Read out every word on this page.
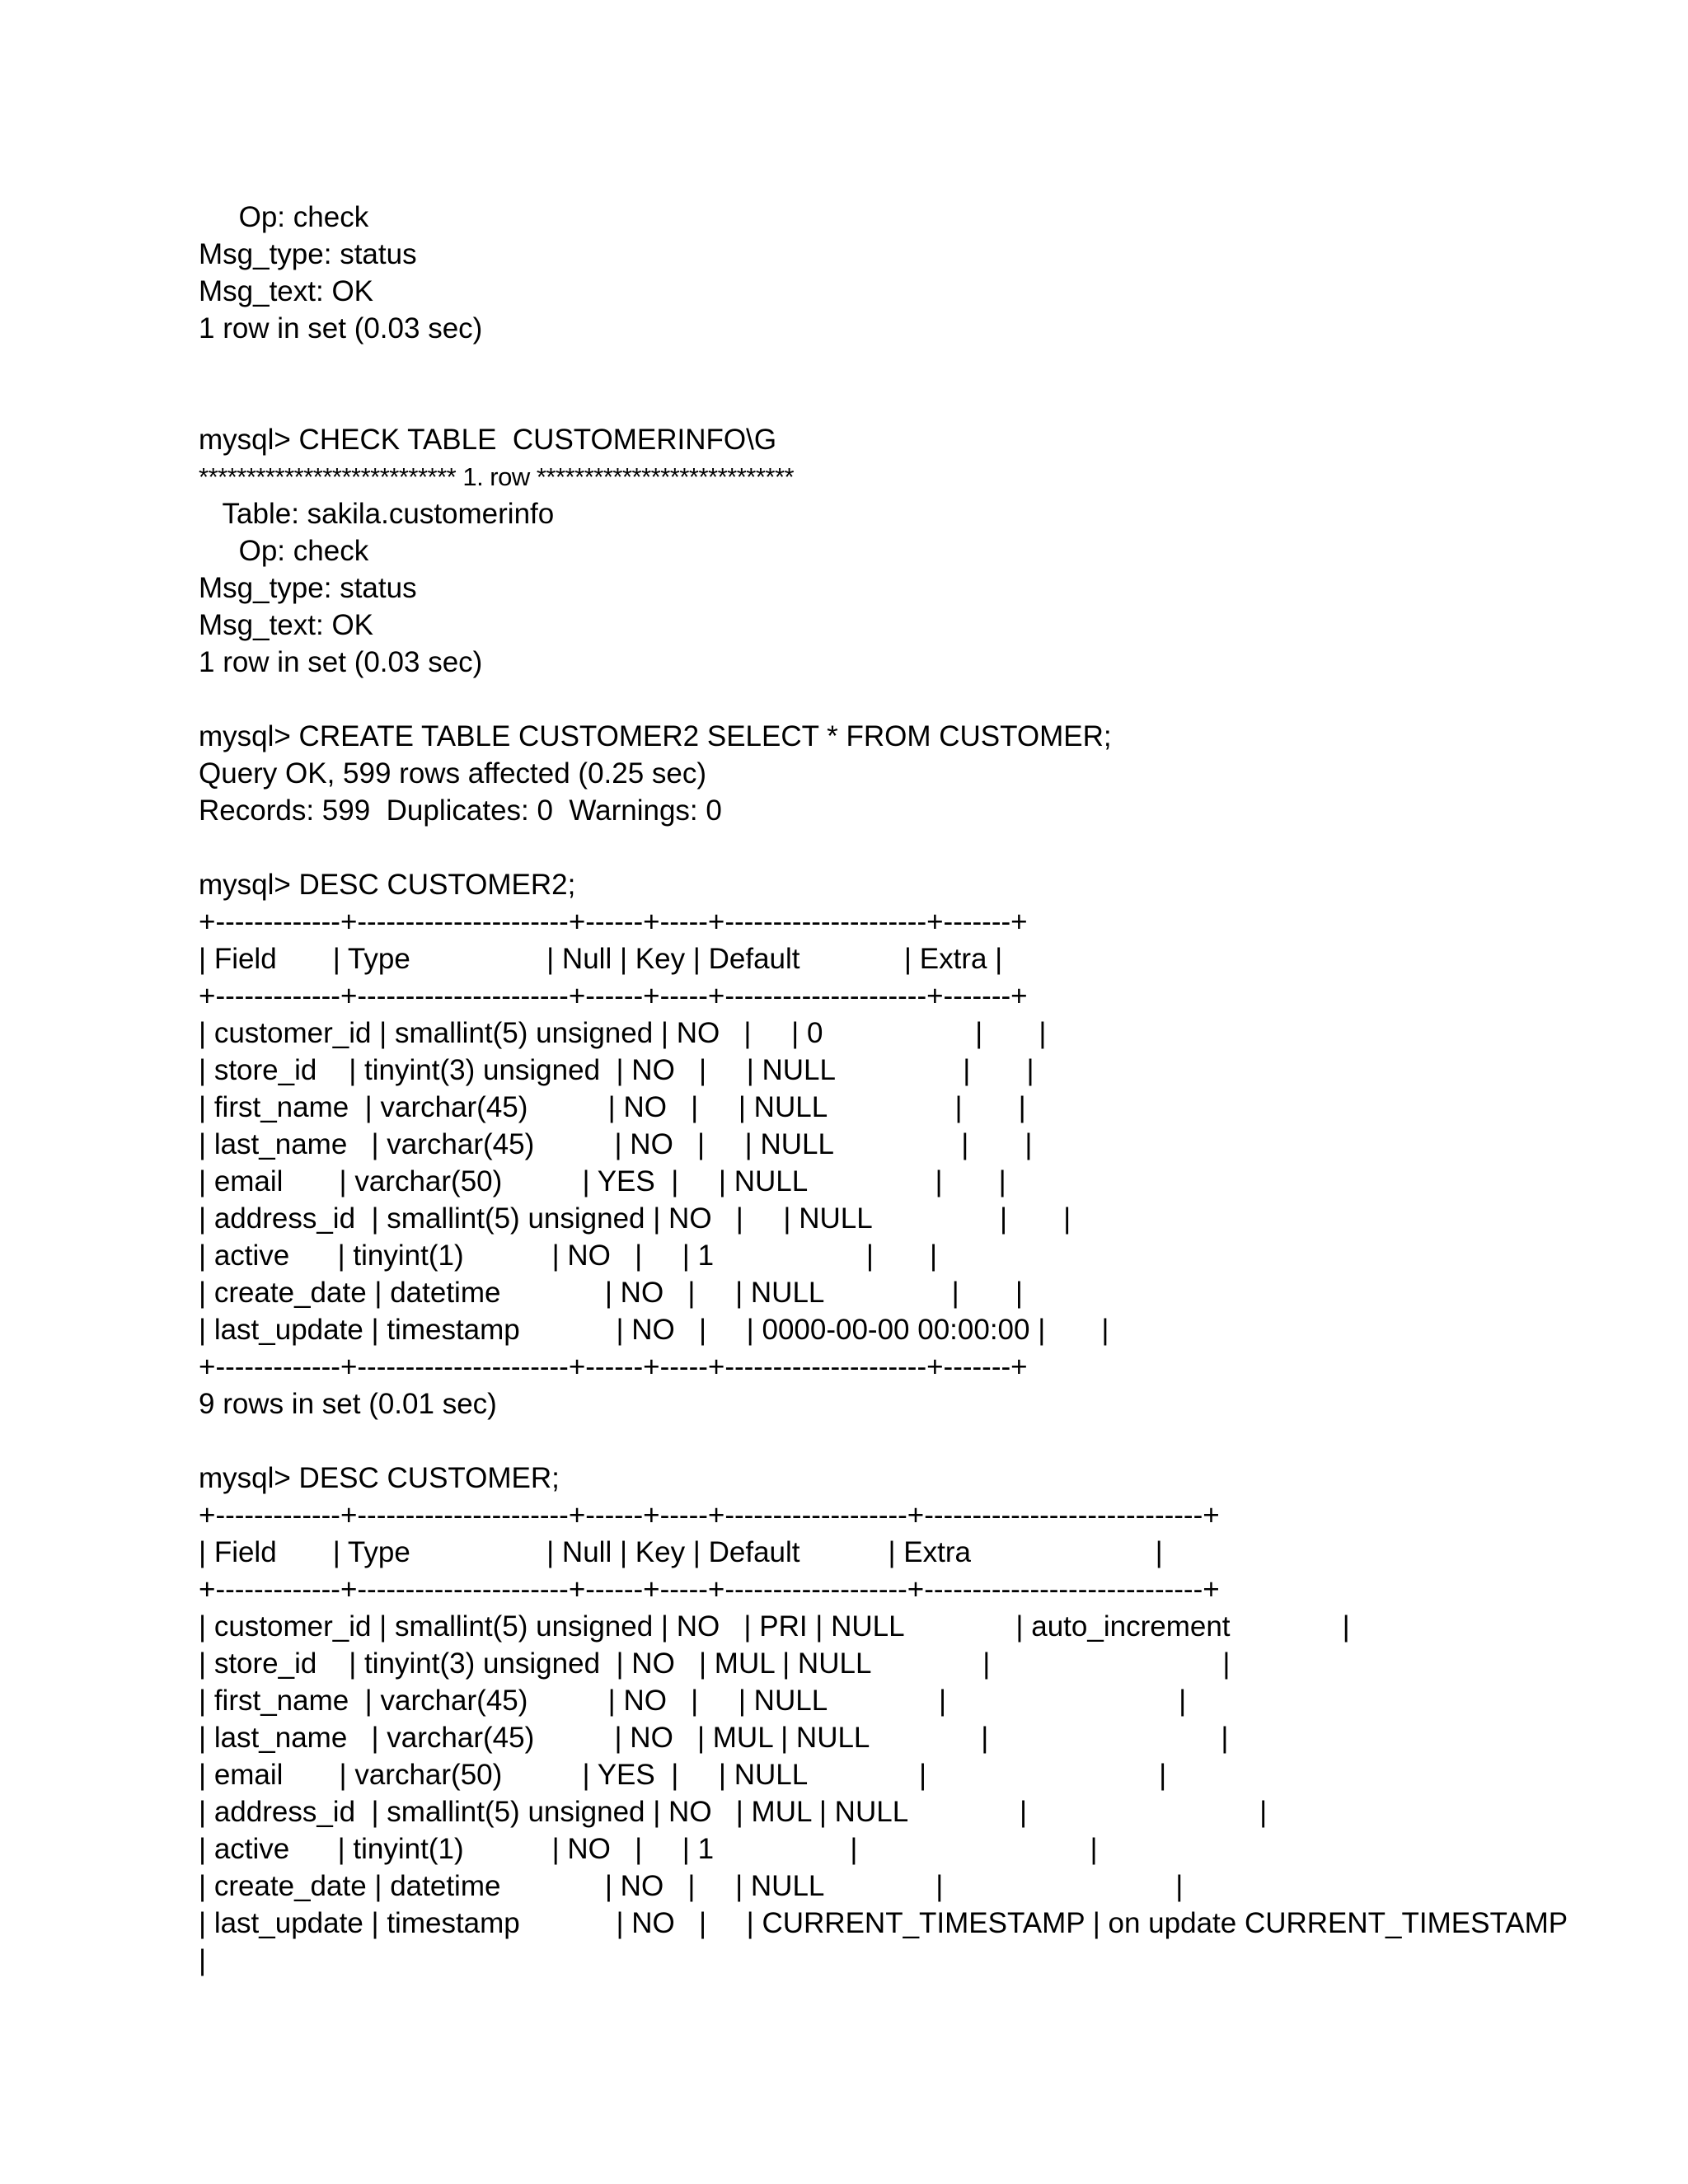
Op: check
Msg_type: status
Msg_text: OK
1 row in set (0.03 sec)
mysql> CHECK TABLE  CUSTOMERINFO\G
*************************** 1. row ***************************
Table: sakila.customerinfo
Op: check
Msg_type: status
Msg_text: OK
1 row in set (0.03 sec)
mysql> CREATE TABLE CUSTOMER2 SELECT * FROM CUSTOMER;
Query OK, 599 rows affected (0.25 sec)
Records: 599  Duplicates: 0  Warnings: 0
mysql> DESC CUSTOMER2;
+-------------+----------------------+------+-----+---------------------+-------+
| Field       | Type                 | Null | Key | Default             | Extra |
+-------------+----------------------+------+-----+---------------------+-------+
| customer_id | smallint(5) unsigned | NO   |     | 0                   |       |
| store_id    | tinyint(3) unsigned  | NO   |     | NULL                |       |
| first_name  | varchar(45)          | NO   |     | NULL                |       |
| last_name   | varchar(45)          | NO   |     | NULL                |       |
| email       | varchar(50)          | YES  |     | NULL                |       |
| address_id  | smallint(5) unsigned | NO   |     | NULL                |       |
| active      | tinyint(1)           | NO   |     | 1                   |       |
| create_date | datetime             | NO   |     | NULL                |       |
| last_update | timestamp            | NO   |     | 0000-00-00 00:00:00 |       |
+-------------+----------------------+------+-----+---------------------+-------+
9 rows in set (0.01 sec)
mysql> DESC CUSTOMER;
+-------------+----------------------+------+-----+-------------------+-----------------------------+
| Field       | Type                 | Null | Key | Default           | Extra                       |
+-------------+----------------------+------+-----+-------------------+-----------------------------+
| customer_id | smallint(5) unsigned | NO   | PRI | NULL              | auto_increment              |
| store_id    | tinyint(3) unsigned  | NO   | MUL | NULL              |                             |
| first_name  | varchar(45)          | NO   |     | NULL              |                             |
| last_name   | varchar(45)          | NO   | MUL | NULL              |                             |
| email       | varchar(50)          | YES  |     | NULL              |                             |
| address_id  | smallint(5) unsigned | NO   | MUL | NULL              |                             |
| active      | tinyint(1)           | NO   |     | 1                 |                             |
| create_date | datetime             | NO   |     | NULL              |                             |
| last_update | timestamp            | NO   |     | CURRENT_TIMESTAMP | on update CURRENT_TIMESTAMP
|
